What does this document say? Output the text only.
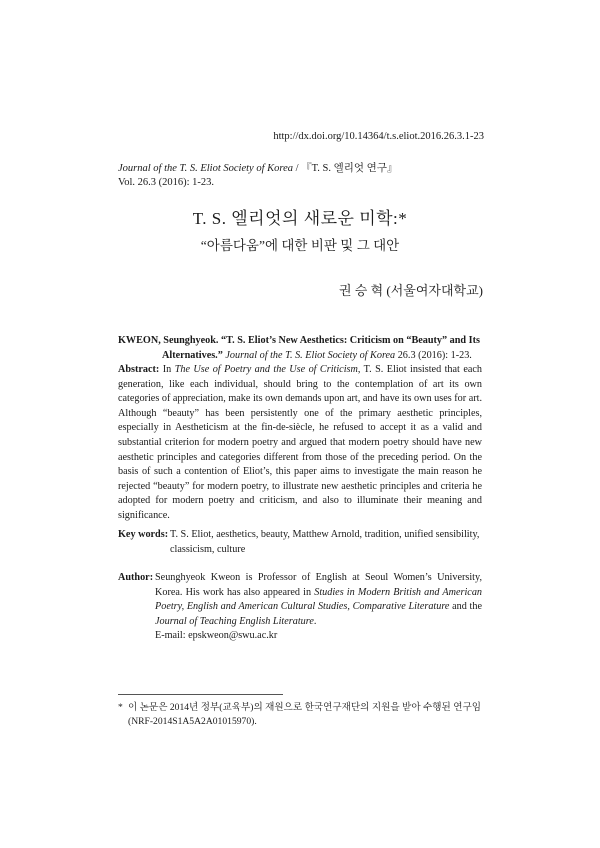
http://dx.doi.org/10.14364/t.s.eliot.2016.26.3.1-23
Journal of the T. S. Eliot Society of Korea / 『T. S. 엘리엇 연구』
Vol. 26.3 (2016): 1-23.
T. S. 엘리엇의 새로운 미학:*
“아름다움”에 대한 비판 및 그 대안
권 승 혁 (서울여자대학교)
KWEON, Seunghyeok. “T. S. Eliot’s New Aesthetics: Criticism on “Beauty” and Its
Alternatives.” Journal of the T. S. Eliot Society of Korea 26.3 (2016): 1-23.
Abstract: In The Use of Poetry and the Use of Criticism, T. S. Eliot insisted that each generation, like each individual, should bring to the contemplation of art its own categories of appreciation, make its own demands upon art, and have its own uses for art. Although “beauty” has been persistently one of the primary aesthetic principles, especially in Aestheticism at the fin-de-siècle, he refused to accept it as a valid and substantial criterion for modern poetry and argued that modern poetry should have new aesthetic principles and categories different from those of the preceding period. On the basis of such a contention of Eliot’s, this paper aims to investigate the main reason he rejected “beauty” for modern poetry, to illustrate new aesthetic principles and criteria he adopted for modern poetry and criticism, and also to illuminate their meaning and significance.
Key words: T. S. Eliot, aesthetics, beauty, Matthew Arnold, tradition, unified sensibility, classicism, culture
Author: Seunghyeok Kweon is Professor of English at Seoul Women’s University, Korea. His work has also appeared in Studies in Modern British and American Poetry, English and American Cultural Studies, Comparative Literature and the Journal of Teaching English Literature.
E-mail: epskweon@swu.ac.kr
* 이 논문은 2014년 정부(교육부)의 재원으로 한국연구재단의 지원을 받아 수행된 연구임(NRF-2014S1A5A2A01015970).
